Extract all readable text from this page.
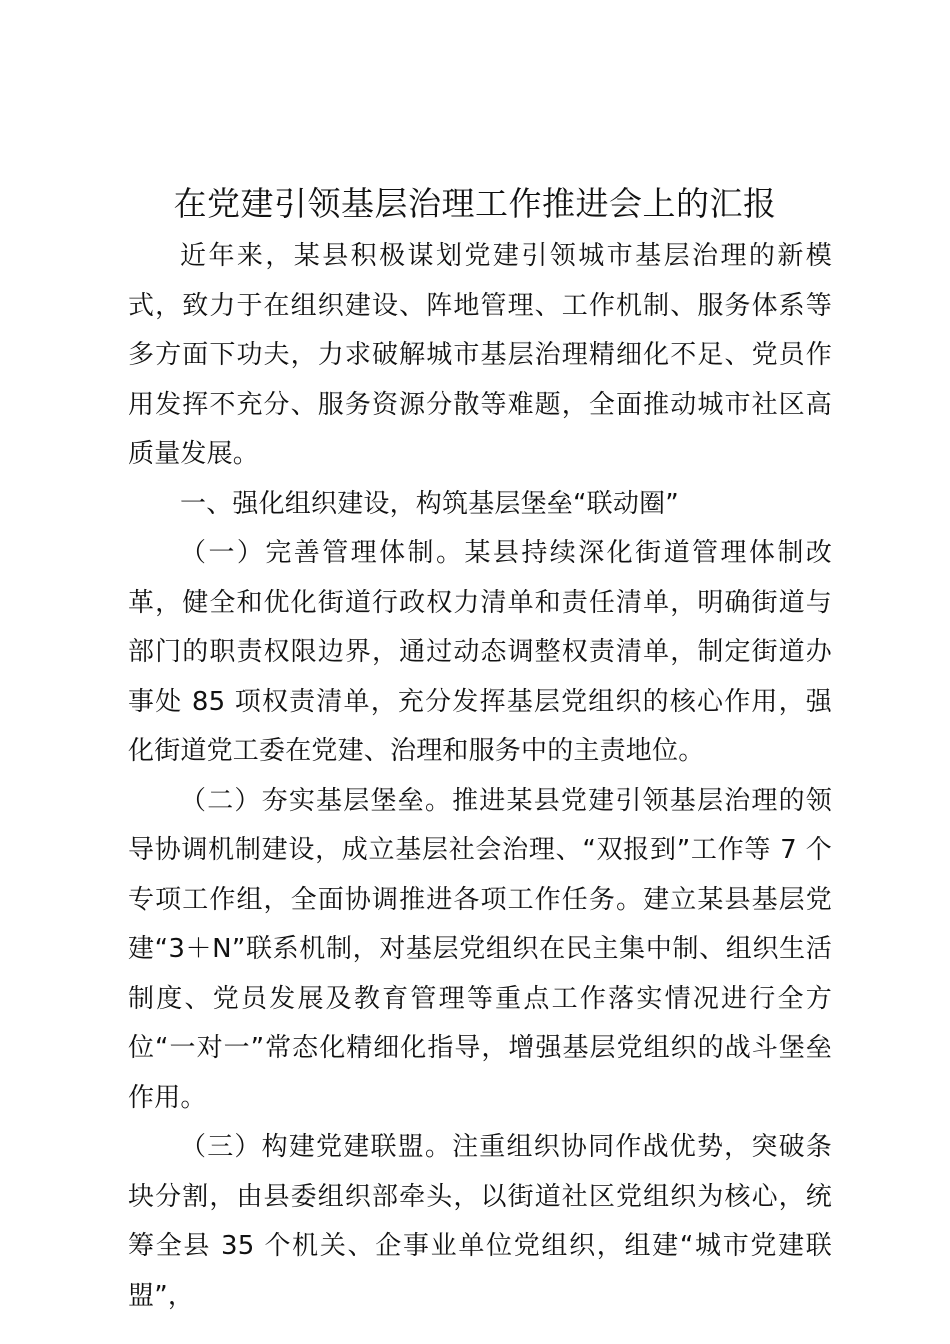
在党建引领基层治理工作推进会上的汇报

近年来，某县积极谋划党建引领城市基层治理的新模式，致力于在组织建设、阵地管理、工作机制、服务体系等多方面下功夫，力求破解城市基层治理精细化不足、党员作用发挥不充分、服务资源分散等难题，全面推动城市社区高质量发展。

一、强化组织建设，构筑基层堡垒“联动圈”

（一）完善管理体制。某县持续深化街道管理体制改革，健全和优化街道行政权力清单和责任清单，明确街道与部门的职责权限边界，通过动态调整权责清单，制定街道办事处 85 项权责清单，充分发挥基层党组织的核心作用，强化街道党工委在党建、治理和服务中的主责地位。

（二）夯实基层堡垒。推进某县党建引领基层治理的领导协调机制建设，成立基层社会治理、“双报到”工作等 7 个专项工作组，全面协调推进各项工作任务。建立某县基层党建“3＋N”联系机制，对基层党组织在民主集中制、组织生活制度、党员发展及教育管理等重点工作落实情况进行全方位“一对一”常态化精细化指导，增强基层党组织的战斗堡垒作用。

（三）构建党建联盟。注重组织协同作战优势，突破条块分割，由县委组织部牵头，以街道社区党组织为核心，统筹全县 35 个机关、企事业单位党组织，组建“城市党建联盟”，
